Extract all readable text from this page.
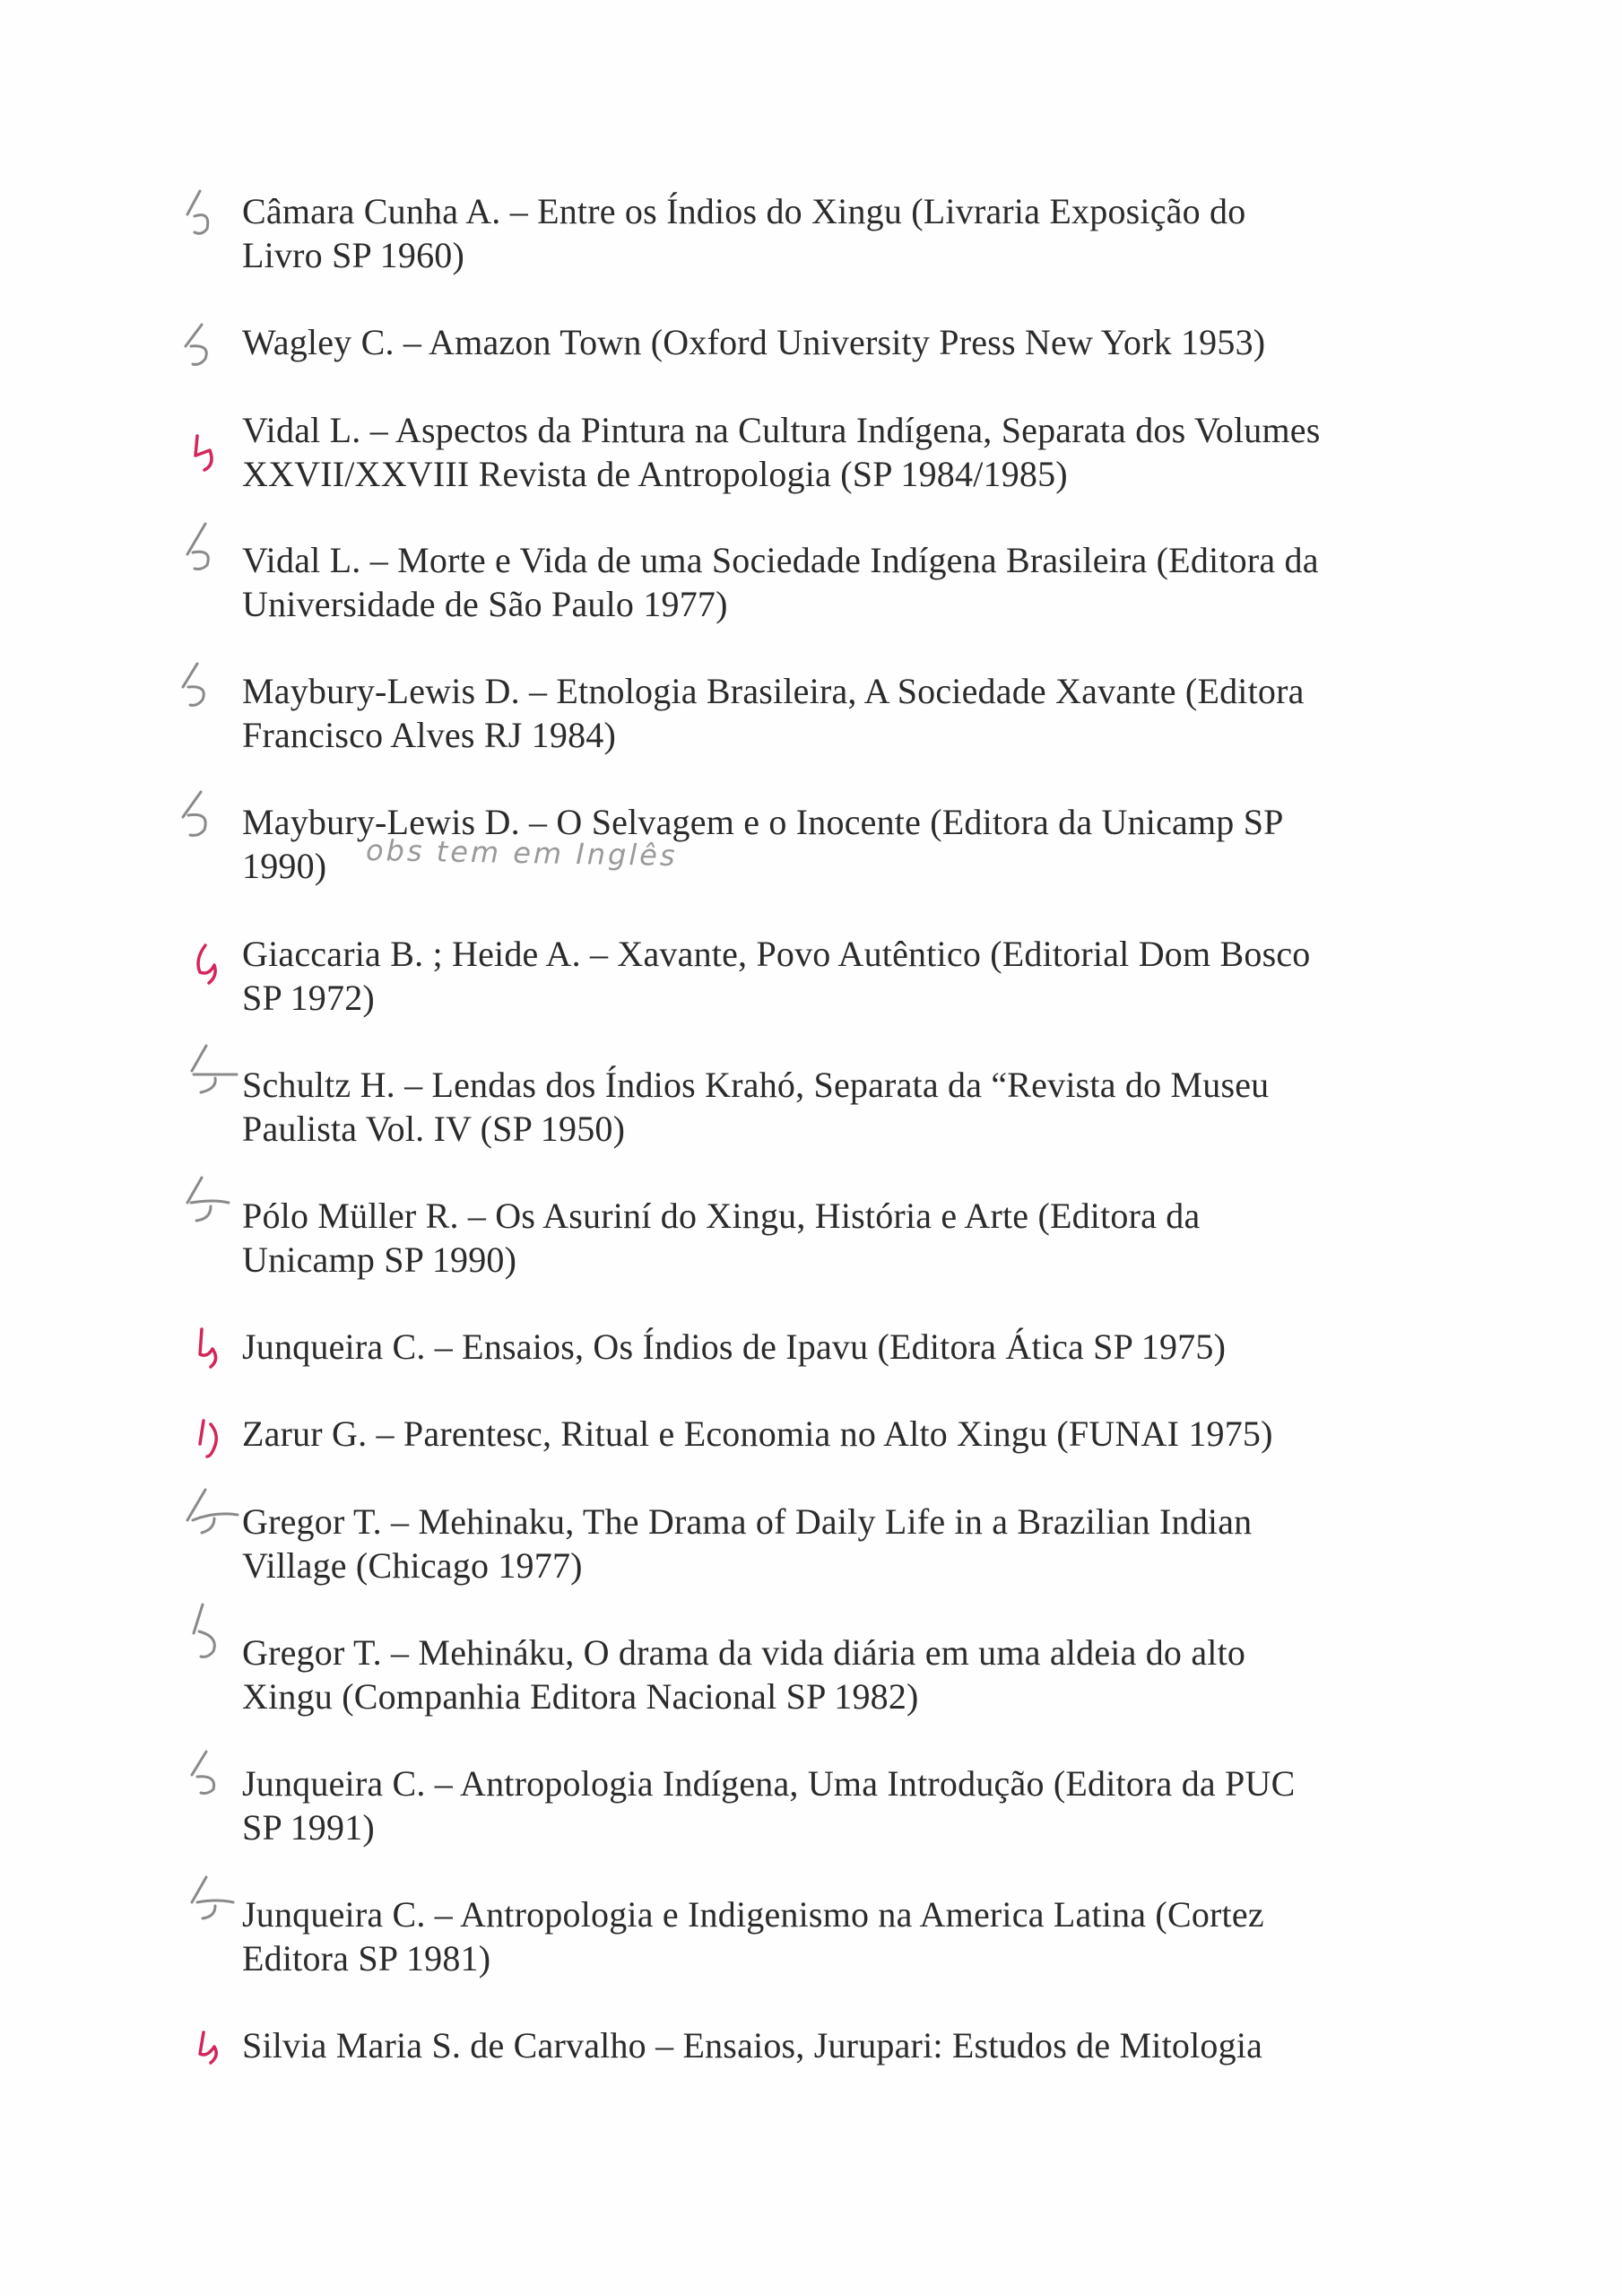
Câmara Cunha A. – Entre os Índios do Xingu (Livraria Exposição do

Livro SP 1960)

Wagley C. – Amazon Town (Oxford University Press New York 1953)

Vidal L. – Aspectos da Pintura na Cultura Indígena, Separata dos Volumes

XXVII/XXVIII Revista de Antropologia (SP 1984/1985)

Vidal L. – Morte e Vida de uma Sociedade Indígena Brasileira (Editora da

Universidade de São Paulo 1977)

Maybury-Lewis D. – Etnologia Brasileira, A Sociedade Xavante (Editora

Francisco Alves RJ 1984)

Maybury-Lewis D. – O Selvagem e o Inocente (Editora da Unicamp SP

1990)	obs tem em Inglês

Giaccaria B. ; Heide A. – Xavante, Povo Autêntico (Editorial Dom Bosco

SP 1972)

Schultz H. – Lendas dos Índios Krahó, Separata da “Revista do Museu

Paulista Vol. IV (SP 1950)

Pólo Müller R. – Os Asuriní do Xingu, História e Arte (Editora da

Unicamp SP 1990)

Junqueira C. – Ensaios, Os Índios de Ipavu (Editora Ática SP 1975)

Zarur G. – Parentesc, Ritual e Economia no Alto Xingu (FUNAI 1975)

Gregor T. – Mehinaku, The Drama of Daily Life in a Brazilian Indian

Village (Chicago 1977)

Gregor T. – Mehináku, O drama da vida diária em uma aldeia do alto

Xingu (Companhia Editora Nacional SP 1982)

Junqueira C. – Antropologia Indígena, Uma Introdução (Editora da PUC

SP 1991)

Junqueira C. – Antropologia e Indigenismo na America Latina (Cortez

Editora SP 1981)

Silvia Maria S. de Carvalho – Ensaios, Jurupari: Estudos de Mitologia
